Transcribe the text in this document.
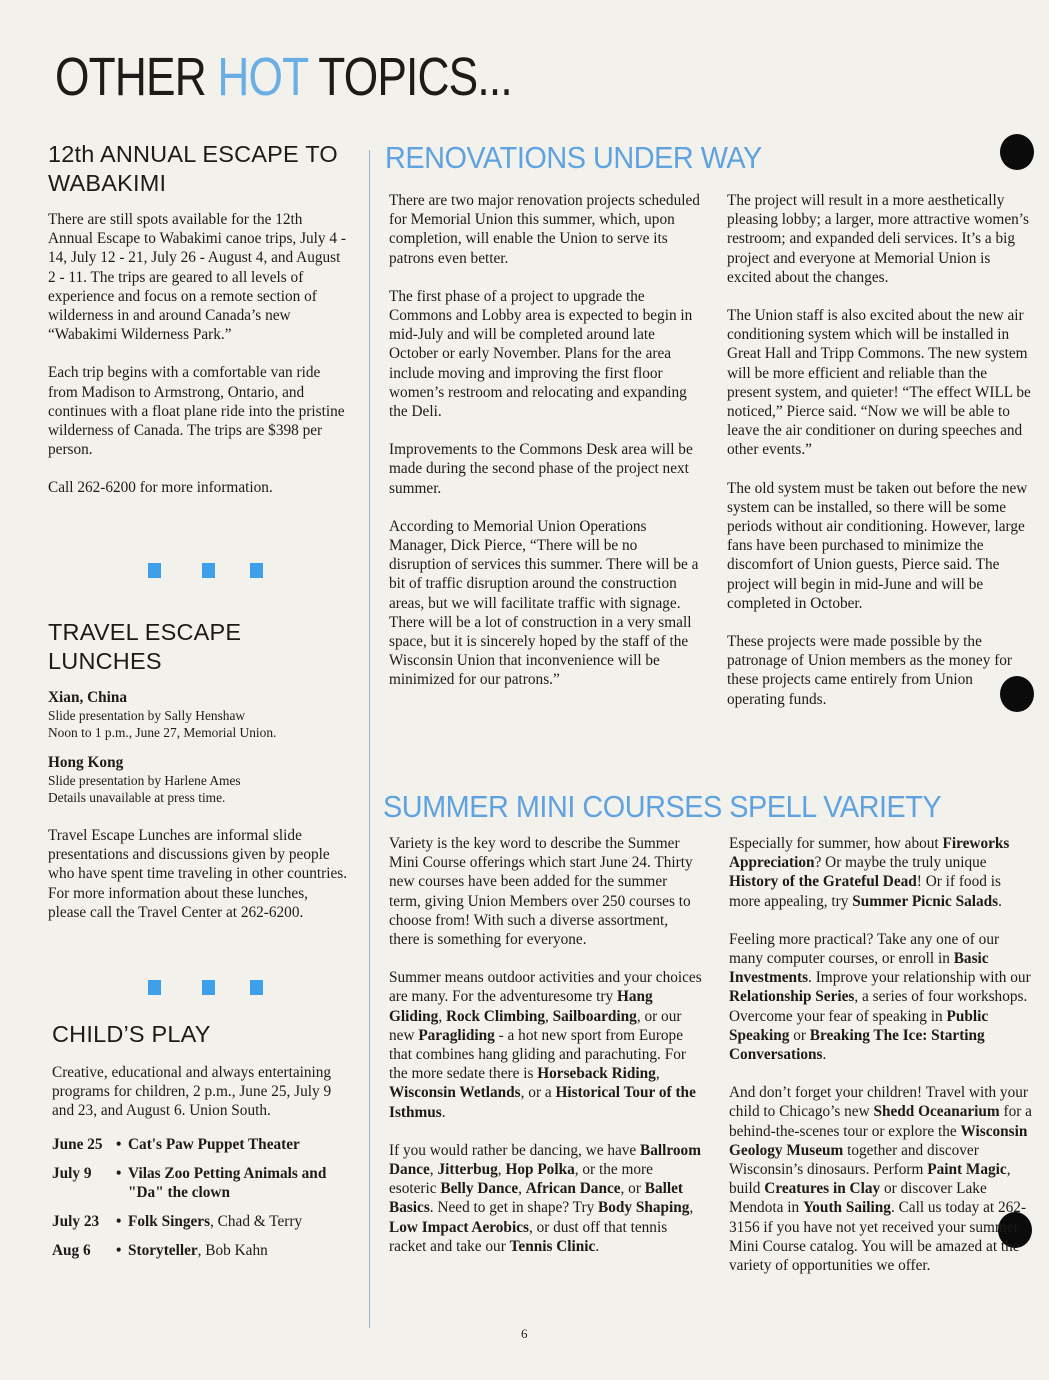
OTHER HOT TOPICS...
12th ANNUAL ESCAPE TO WABAKIMI

There are still spots available for the 12th Annual Escape to Wabakimi canoe trips, July 4 - 14, July 12 - 21, July 26 - August 4, and August 2 - 11. The trips are geared to all levels of experience and focus on a remote section of wilderness in and around Canada’s new “Wabakimi Wilderness Park.”

Each trip begins with a comfortable van ride from Madison to Armstrong, Ontario, and continues with a float plane ride into the pristine wilderness of Canada. The trips are $398 per person.

Call 262-6200 for more information.

TRAVEL ESCAPE LUNCHES
Xian, China
Slide presentation by Sally Henshaw
Noon to 1 p.m., June 27, Memorial Union.
Hong Kong
Slide presentation by Harlene Ames
Details unavailable at press time.

Travel Escape Lunches are informal slide presentations and discussions given by people who have spent time traveling in other countries. For more information about these lunches, please call the Travel Center at 262-6200.

CHILD’S PLAY

Creative, educational and always entertaining programs for children, 2 p.m., June 25, July 9 and 23, and August 6. Union South.

June 25 • Cat's Paw Puppet Theater
July 9 • Vilas Zoo Petting Animals and "Da" the clown
July 23 • Folk Singers, Chad & Terry
Aug 6 • Storyteller, Bob Kahn
RENOVATIONS UNDER WAY

There are two major renovation projects scheduled for Memorial Union this summer, which, upon completion, will enable the Union to serve its patrons even better.

The first phase of a project to upgrade the Commons and Lobby area is expected to begin in mid-July and will be completed around late October or early November. Plans for the area include moving and improving the first floor women’s restroom and relocating and expanding the Deli.

Improvements to the Commons Desk area will be made during the second phase of the project next summer.

According to Memorial Union Operations Manager, Dick Pierce, “There will be no disruption of services this summer. There will be a bit of traffic disruption around the construction areas, but we will facilitate traffic with signage. There will be a lot of construction in a very small space, but it is sincerely hoped by the staff of the Wisconsin Union that inconvenience will be minimized for our patrons.”

The project will result in a more aesthetically pleasing lobby; a larger, more attractive women’s restroom; and expanded deli services. It’s a big project and everyone at Memorial Union is excited about the changes.

The Union staff is also excited about the new air conditioning system which will be installed in Great Hall and Tripp Commons. The new system will be more efficient and reliable than the present system, and quieter! “The effect WILL be noticed,” Pierce said. “Now we will be able to leave the air conditioner on during speeches and other events.”

The old system must be taken out before the new system can be installed, so there will be some periods without air conditioning. However, large fans have been purchased to minimize the discomfort of Union guests, Pierce said. The project will begin in mid-June and will be completed in October.

These projects were made possible by the patronage of Union members as the money for these projects came entirely from Union operating funds.

SUMMER MINI COURSES SPELL VARIETY

Variety is the key word to describe the Summer Mini Course offerings which start June 24. Thirty new courses have been added for the summer term, giving Union Members over 250 courses to choose from! With such a diverse assortment, there is something for everyone.

Summer means outdoor activities and your choices are many. For the adventuresome try Hang Gliding, Rock Climbing, Sailboarding, or our new Paragliding - a hot new sport from Europe that combines hang gliding and parachuting. For the more sedate there is Horseback Riding, Wisconsin Wetlands, or a Historical Tour of the Isthmus.

If you would rather be dancing, we have Ballroom Dance, Jitterbug, Hop Polka, or the more esoteric Belly Dance, African Dance, or Ballet Basics. Need to get in shape? Try Body Shaping, Low Impact Aerobics, or dust off that tennis racket and take our Tennis Clinic.

Especially for summer, how about Fireworks Appreciation? Or maybe the truly unique History of the Grateful Dead! Or if food is more appealing, try Summer Picnic Salads.

Feeling more practical? Take any one of our many computer courses, or enroll in Basic Investments. Improve your relationship with our Relationship Series, a series of four workshops. Overcome your fear of speaking in Public Speaking or Breaking The Ice: Starting Conversations.

And don’t forget your children! Travel with your child to Chicago’s new Shedd Oceanarium for a behind-the-scenes tour or explore the Wisconsin Geology Museum together and discover Wisconsin’s dinosaurs. Perform Paint Magic, build Creatures in Clay or discover Lake Mendota in Youth Sailing. Call us today at 262-3156 if you have not yet received your summer Mini Course catalog. You will be amazed at the variety of opportunities we offer.

6
